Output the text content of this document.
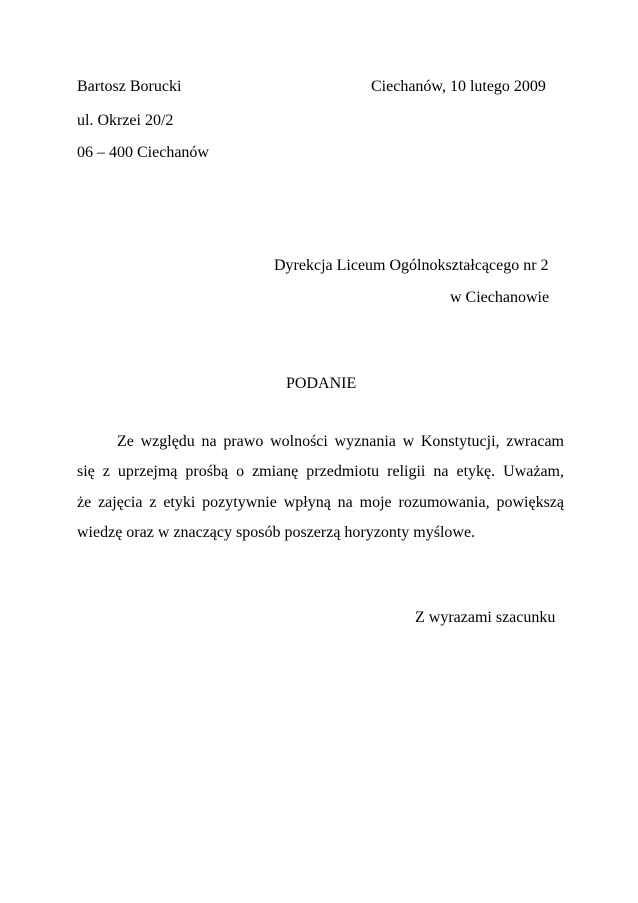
Bartosz Borucki
ul. Okrzei 20/2
06 – 400 Ciechanów
Ciechanów, 10 lutego 2009
Dyrekcja Liceum Ogólnokształcącego nr 2
w Ciechanowie
PODANIE
Ze względu na prawo wolności wyznania w Konstytucji, zwracam
się z uprzejmą prośbą o zmianę przedmiotu religii na etykę. Uważam,
że zajęcia z etyki pozytywnie wpłyną na moje rozumowania, powiększą
wiedzę oraz w znaczący sposób poszerzą horyzonty myślowe.
Z wyrazami szacunku
